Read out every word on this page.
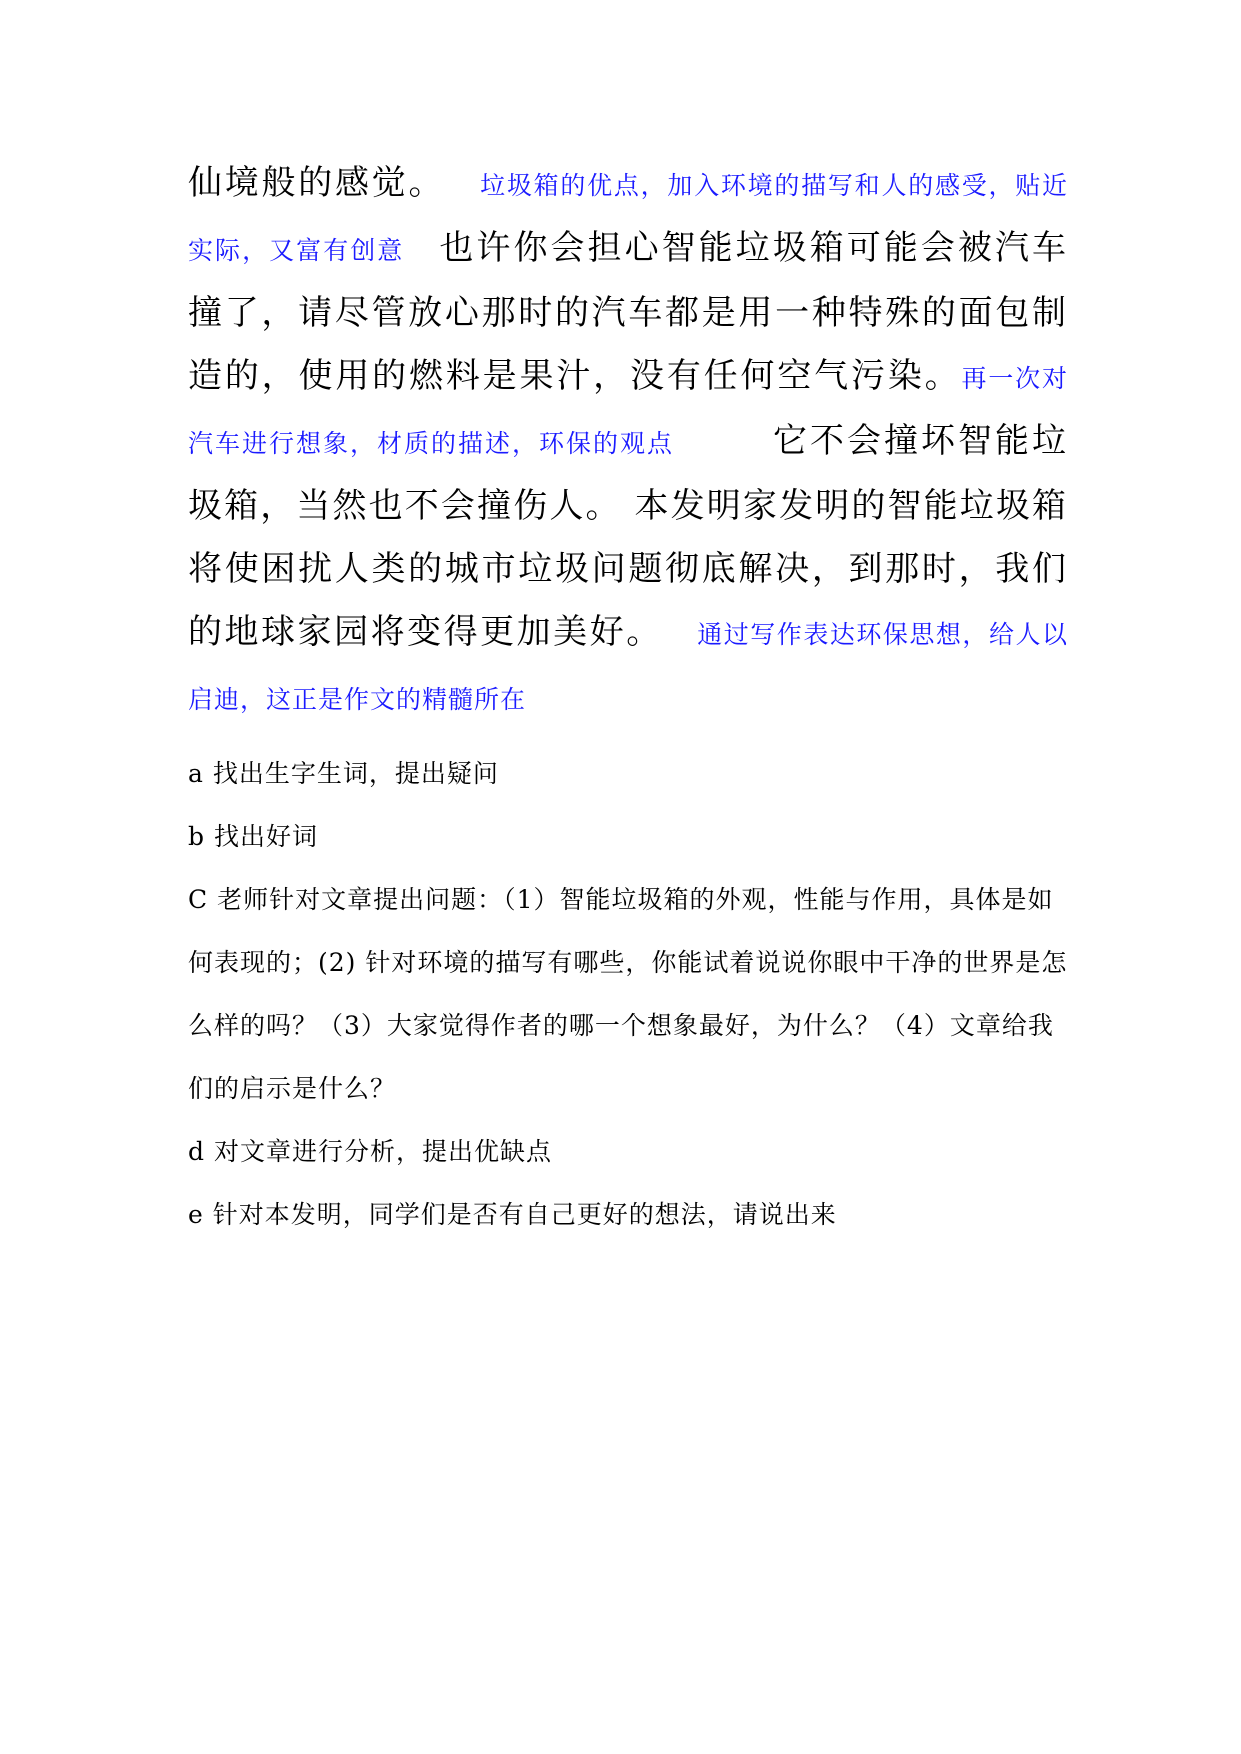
仙境般的感觉。 垃圾箱的优点，加入环境的描写和人的感受，贴近实际，又富有创意 也许你会担心智能垃圾箱可能会被汽车撞了，请尽管放心那时的汽车都是用一种特殊的面包制造的，使用的燃料是果汁，没有任何空气污染。再一次对汽车进行想象，材质的描述，环保的观点	它不会撞坏智能垃圾箱，当然也不会撞伤人。 本发明家发明的智能垃圾箱将使困扰人类的城市垃圾问题彻底解决，到那时，我们的地球家园将变得更加美好。 通过写作表达环保思想，给人以启迪，这正是作文的精髓所在

a 找出生字生词，提出疑问

b 找出好词

C 老师针对文章提出问题：（1）智能垃圾箱的外观，性能与作用，具体是如何表现的；(2) 针对环境的描写有哪些，你能试着说说你眼中干净的世界是怎么样的吗？（3）大家觉得作者的哪一个想象最好，为什么？（4）文章给我们的启示是什么？

d 对文章进行分析，提出优缺点

e 针对本发明，同学们是否有自己更好的想法，请说出来
